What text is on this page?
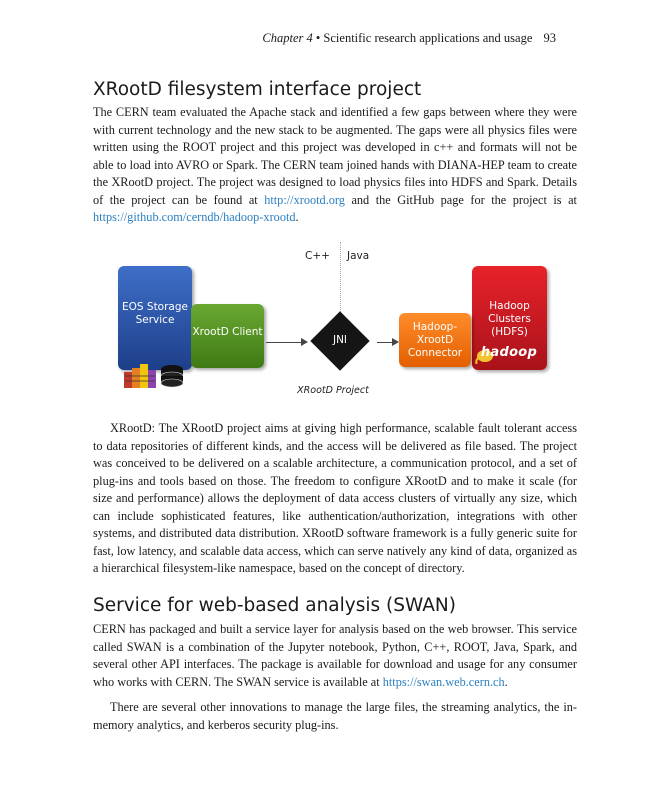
Chapter 4 • Scientific research applications and usage 93
XRootD filesystem interface project

The CERN team evaluated the Apache stack and identified a few gaps between where they were with current technology and the new stack to be augmented. The gaps were all physics files were written using the ROOT project and this project was developed in c++ and formats will not be able to load into AVRO or Spark. The CERN team joined hands with DIANA-HEP team to create the XRootD project. The project was designed to load physics files into HDFS and Spark. Details of the project can be found at http://xrootd.org and the GitHub page for the project is at https://github.com/cerndb/hadoop-xrootd.

C++ Java
EOS Storage Service
XrootD Client
JNI
Hadoop Clusters (HDFS)
hadoop
Hadoop-XrootD Connector
XRootD Project

XRootD: The XRootD project aims at giving high performance, scalable fault tolerant access to data repositories of different kinds, and the access will be delivered as file based. The project was conceived to be delivered on a scalable architecture, a communication protocol, and a set of plug-ins and tools based on those. The freedom to configure XRootD and to make it scale (for size and performance) allows the deployment of data access clusters of virtually any size, which can include sophisticated features, like authentication/authorization, integrations with other systems, and distributed data distribution. XRootD software framework is a fully generic suite for fast, low latency, and scalable data access, which can serve natively any kind of data, organized as a hierarchical filesystem-like namespace, based on the concept of directory.

Service for web-based analysis (SWAN)

CERN has packaged and built a service layer for analysis based on the web browser. This service called SWAN is a combination of the Jupyter notebook, Python, C++, ROOT, Java, Spark, and several other API interfaces. The package is available for download and usage for any consumer who works with CERN. The SWAN service is available at https://swan.web.cern.ch.

There are several other innovations to manage the large files, the streaming analytics, the in-memory analytics, and kerberos security plug-ins.
